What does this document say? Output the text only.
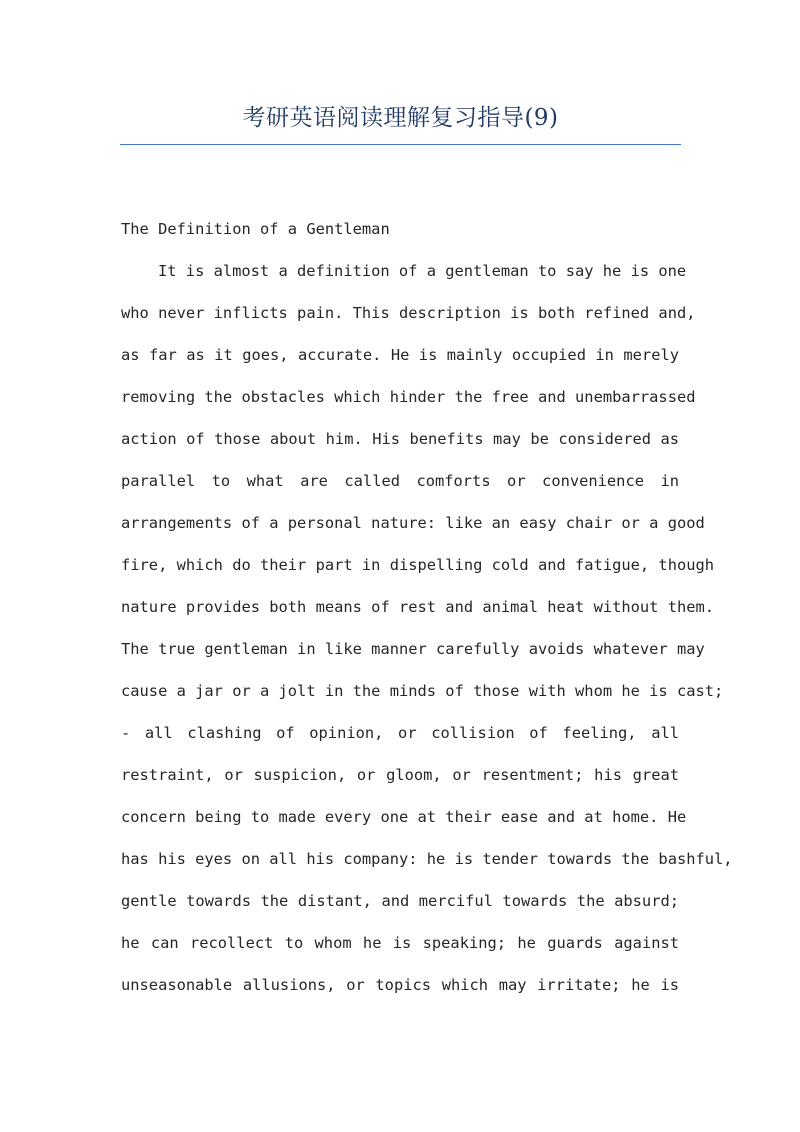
考研英语阅读理解复习指导(9)

The Definition of a Gentleman

It is almost a definition of a gentleman to say he is one
who never inflicts pain. This description is both refined and,
as far as it goes, accurate. He is mainly occupied in merely
removing the obstacles which hinder the free and unembarrassed
action of those about him. His benefits may be considered as
parallel to what are called comforts or convenience in
arrangements of a personal nature: like an easy chair or a good
fire, which do their part in dispelling cold and fatigue, though
nature provides both means of rest and animal heat without them.
The true gentleman in like manner carefully avoids whatever may
cause a jar or a jolt in the minds of those with whom he is cast;
- all clashing of opinion, or collision of feeling, all
restraint, or suspicion, or gloom, or resentment; his great
concern being to made every one at their ease and at home. He
has his eyes on all his company: he is tender towards the bashful,
gentle towards the distant, and merciful towards the absurd;
he can recollect to whom he is speaking; he guards against
unseasonable allusions, or topics which may irritate; he is
